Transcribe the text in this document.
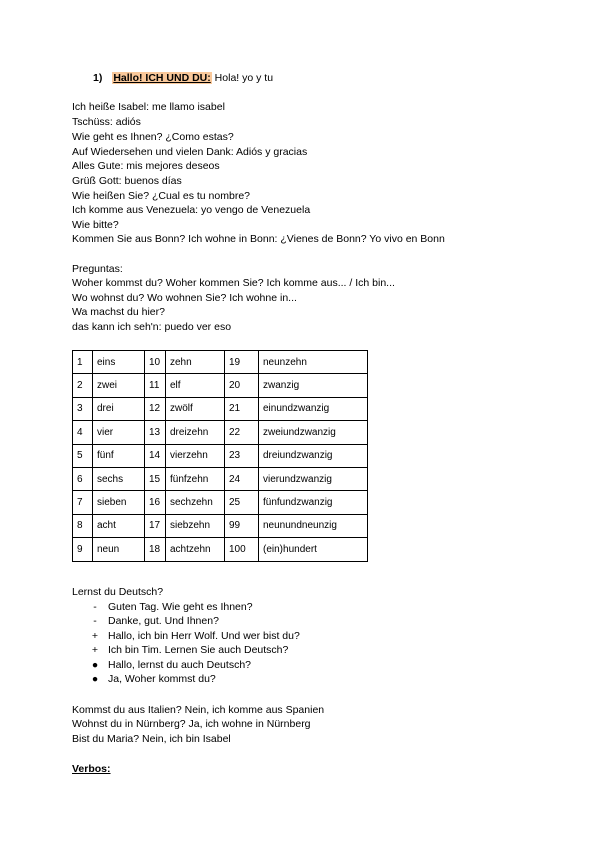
1) Hallo! ICH UND DU: Hola! yo y tu
Ich heiße Isabel: me llamo isabel
Tschüss: adiós
Wie geht es Ihnen? ¿Como estas?
Auf Wiedersehen und vielen Dank: Adiós y gracias
Alles Gute: mis mejores deseos
Grüß Gott: buenos días
Wie heißen Sie? ¿Cual es tu nombre?
Ich komme aus Venezuela: yo vengo de Venezuela
Wie bitte?
Kommen Sie aus Bonn? Ich wohne in Bonn: ¿Vienes de Bonn? Yo vivo en Bonn
Preguntas:
Woher kommst du? Woher kommen Sie? Ich komme aus... / Ich bin...
Wo wohnst du? Wo wohnen Sie? Ich wohne in...
Wa machst du hier?
das kann ich seh'n: puedo ver eso
1	eins	10	zehn	19	neunzehn
2	zwei	11	elf	20	zwanzig
3	drei	12	zwölf	21	einundzwanzig
4	vier	13	dreizehn	22	zweiundzwanzig
5	fünf	14	vierzehn	23	dreiundzwanzig
6	sechs	15	fünfzehn	24	vierundzwanzig
7	sieben	16	sechzehn	25	fünfundzwanzig
8	acht	17	siebzehn	99	neunundneunzig
9	neun	18	achtzehn	100	(ein)hundert
Lernst du Deutsch?
-	Guten Tag. Wie geht es Ihnen?
-	Danke, gut. Und Ihnen?
+ Hallo, ich bin Herr Wolf. Und wer bist du?
+ Ich bin Tim. Lernen Sie auch Deutsch?
● Hallo, lernst du auch Deutsch?
● Ja, Woher kommst du?
Kommst du aus Italien? Nein, ich komme aus Spanien
Wohnst du in Nürnberg? Ja, ich wohne in Nürnberg
Bist du Maria? Nein, ich bin Isabel
Verbos:
